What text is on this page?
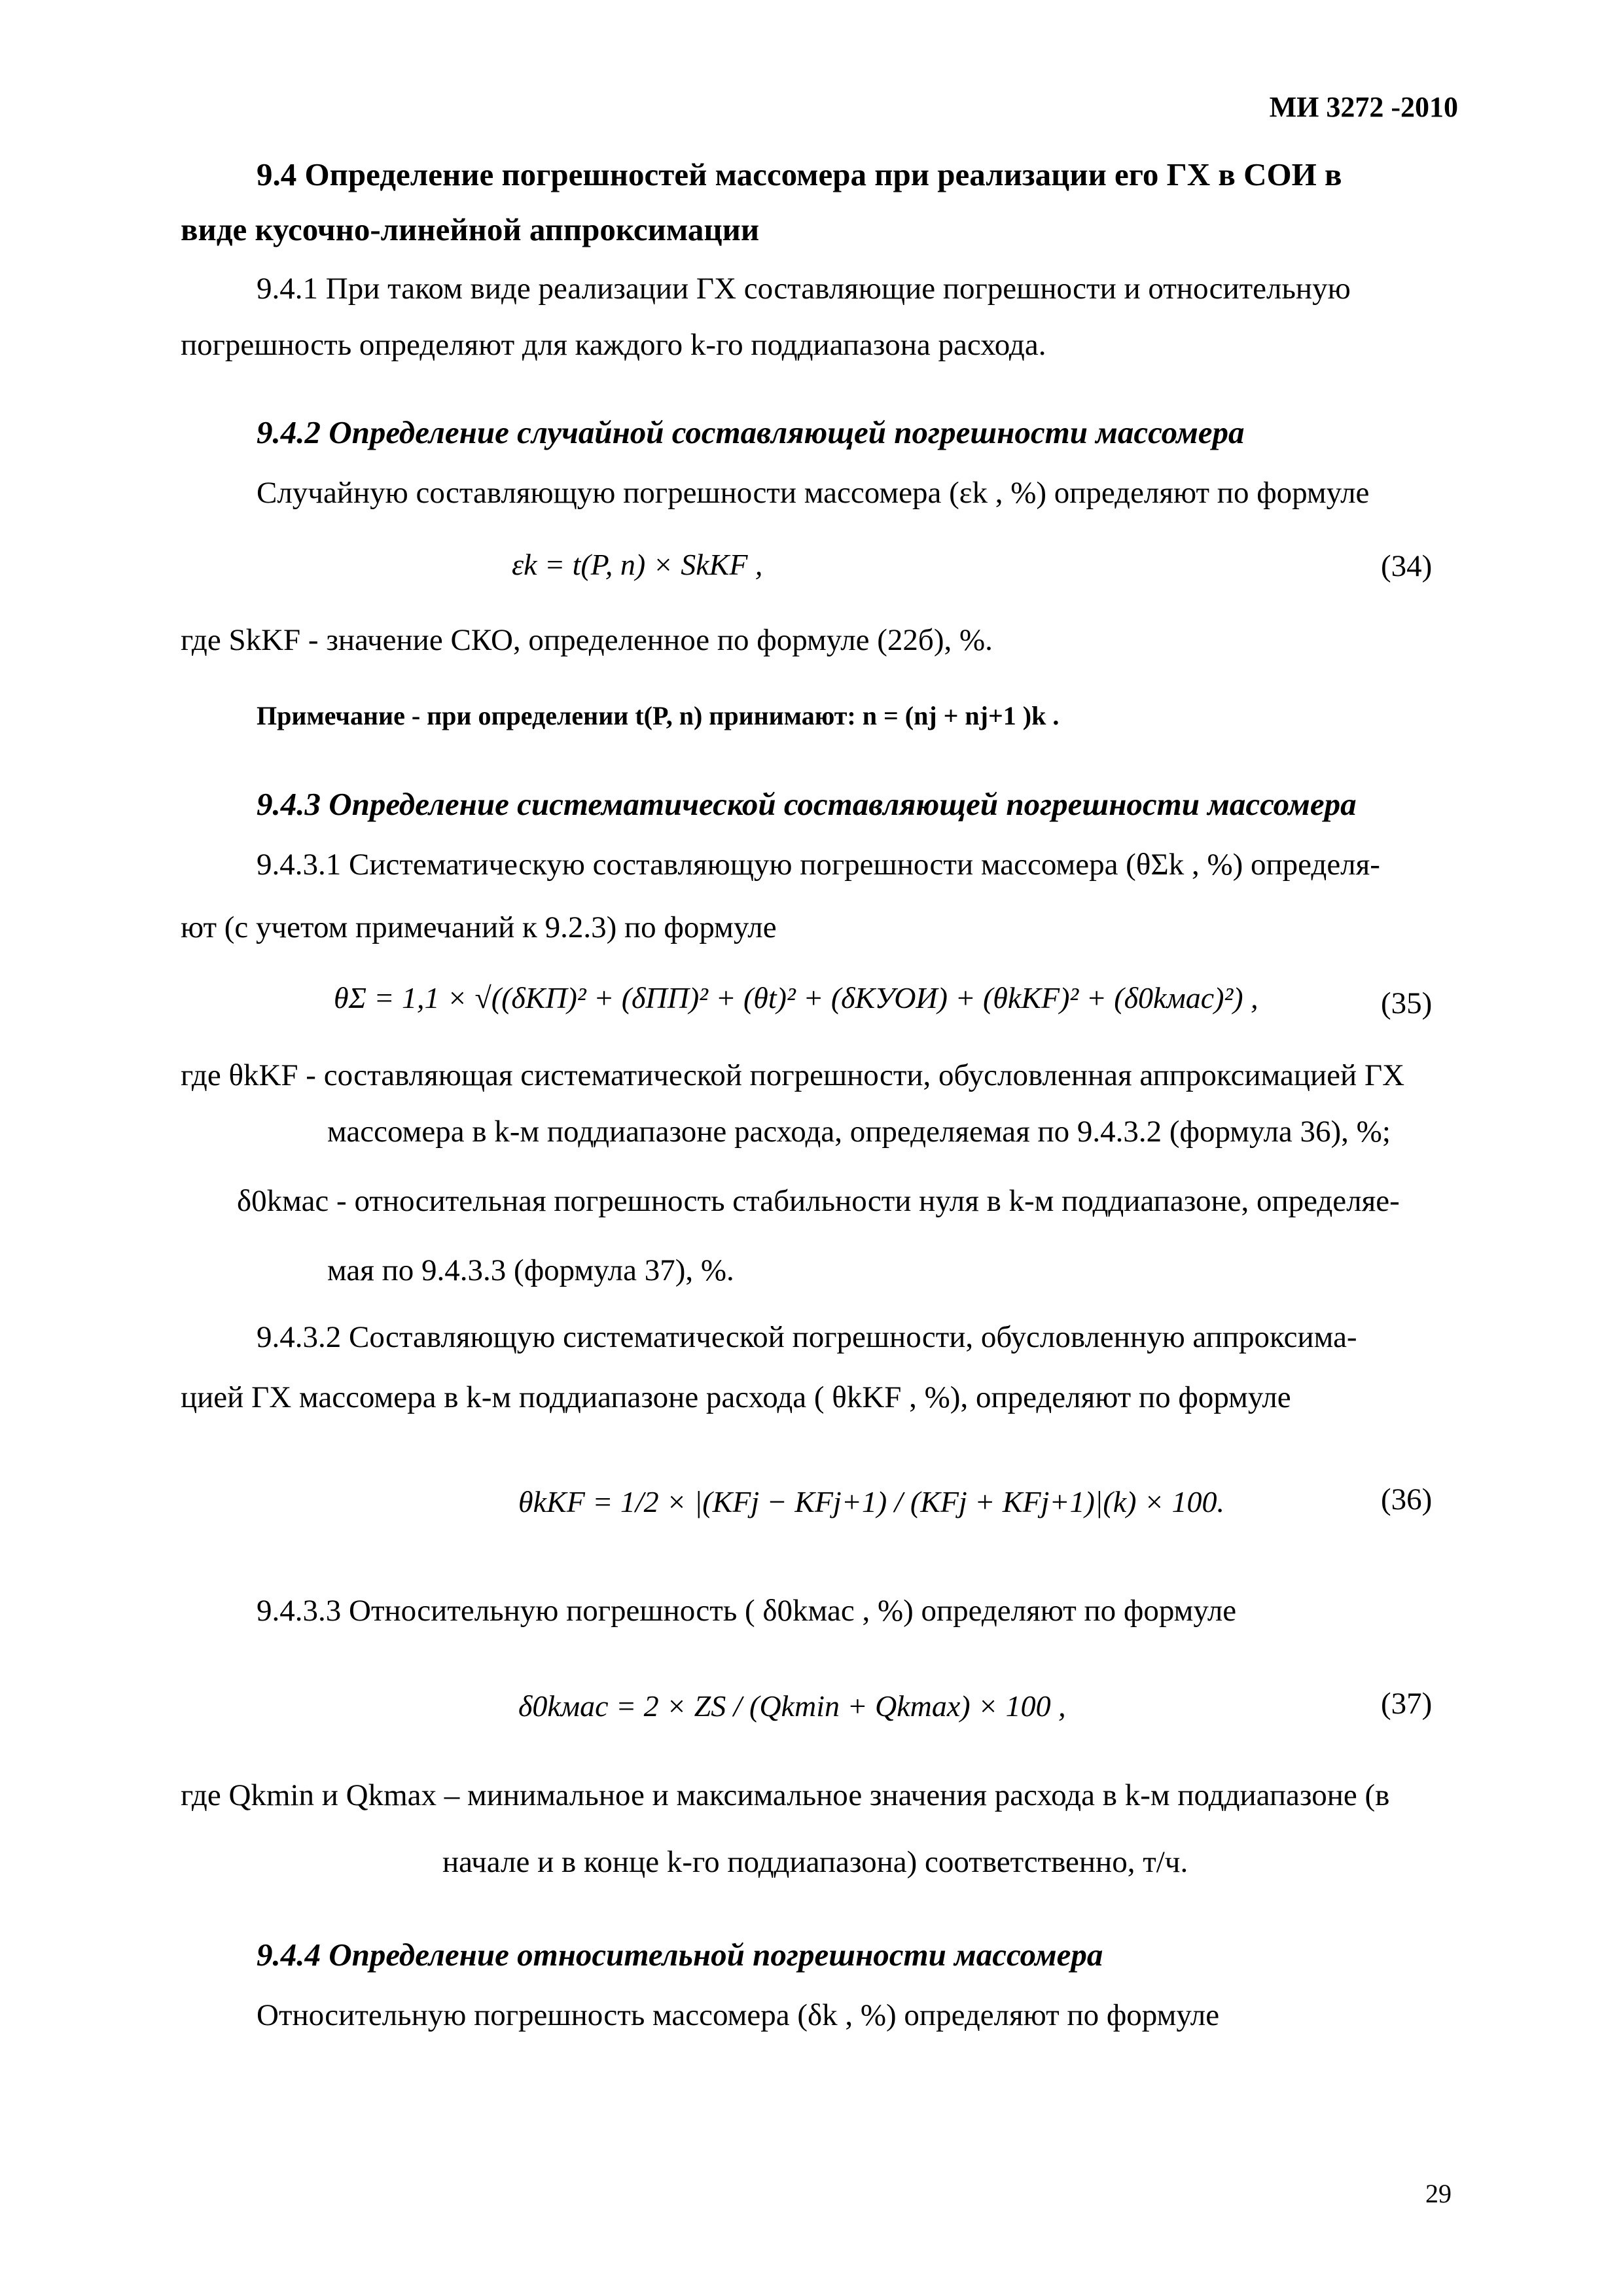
МИ 3272 -2010
9.4 Определение погрешностей массомера при реализации его ГХ в СОИ в
виде кусочно-линейной аппроксимации
9.4.1 При таком виде реализации ГХ составляющие погрешности и относительную
погрешность определяют для каждого k-го поддиапазона расхода.
9.4.2 Определение случайной составляющей погрешности массомера
Случайную составляющую погрешности массомера (εk , %) определяют по формуле
εk = t(P, n) × SkKF ,	(34)
где SkKF - значение СКО, определенное по формуле (22б), %.
Примечание - при определении t(P, n) принимают: n = (nj + nj+1 )k .
9.4.3 Определение систематической составляющей погрешности массомера
9.4.3.1 Систематическую составляющую погрешности массомера (θΣk , %) определя-
ют (с учетом примечаний к 9.2.3) по формуле
θΣ = 1,1 × √((δКП)² + (δПП)² + (θt)² + (δКУОИ) + (θkKF)² + (δ0kмас)²) ,	(35)
где θkKF - составляющая систематической погрешности, обусловленная аппроксимацией ГХ
массомера в k-м поддиапазоне расхода, определяемая по 9.4.3.2 (формула 36), %;
δ0kмас - относительная погрешность стабильности нуля в k-м поддиапазоне, определяе-
мая по 9.4.3.3 (формула 37), %.
9.4.3.2 Составляющую систематической погрешности, обусловленную аппроксима-
цией ГХ массомера в k-м поддиапазоне расхода ( θkKF , %), определяют по формуле
θkKF = 1/2 × |(KFj − KFj+1) / (KFj + KFj+1)|(k) × 100.	(36)
9.4.3.3 Относительную погрешность ( δ0kмас , %) определяют по формуле
δ0kмас = 2 × ZS / (Qkmin + Qkmax) × 100 ,	(37)
где Qkmin и Qkmax – минимальное и максимальное значения расхода в k-м поддиапазоне (в
начале и в конце k-го поддиапазона) соответственно, т/ч.
9.4.4 Определение относительной погрешности массомера
Относительную погрешность массомера (δk , %) определяют по формуле
29
